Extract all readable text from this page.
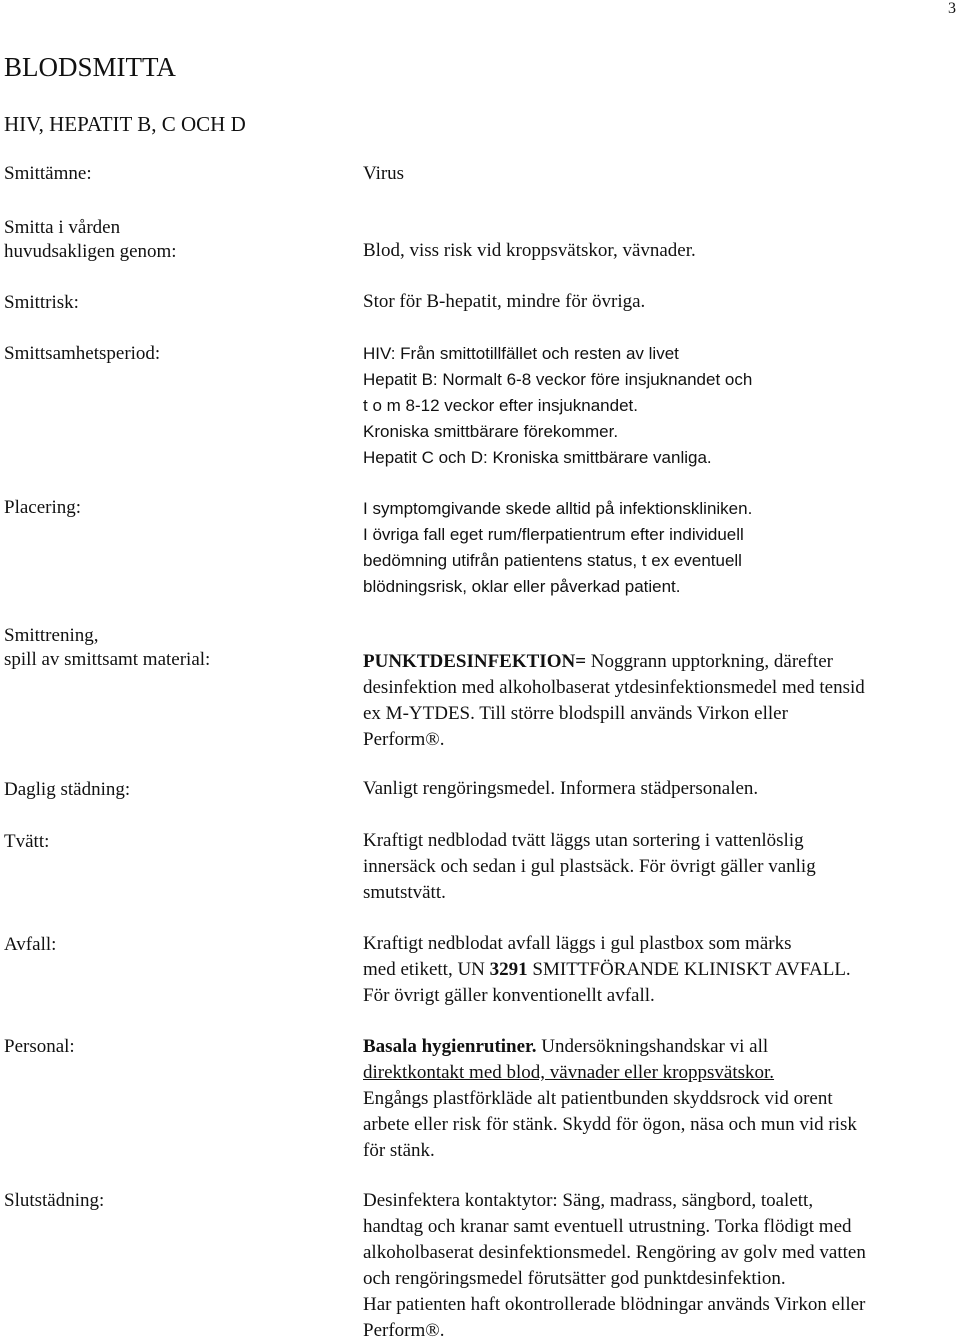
3
BLODSMITTA
HIV, HEPATIT B, C OCH D
Smittämne:	Virus
Smitta i vården
huvudsakligen genom:	Blod, viss risk vid kroppsvätskor, vävnader.
Smittrisk:	Stor för B-hepatit, mindre för övriga.
Smittsamhetsperiod:	HIV: Från smittotillfället och resten av livet
Hepatit B: Normalt 6-8 veckor före insjuknandet och
t o m 8-12 veckor efter insjuknandet.
Kroniska smittbärare förekommer.
Hepatit C och D: Kroniska smittbärare vanliga.
Placering:	I symptomgivande skede alltid på infektionskliniken.
I övriga fall eget rum/flerpatientrum efter individuell
bedömning utifrån patientens status, t ex eventuell
blödningsrisk, oklar eller påverkad patient.
Smittrening,
spill av smittsamt material:	PUNKTDESINFEKTION= Noggrann upptorkning, därefter
desinfektion med alkoholbaserat ytdesinfektionsmedel med tensid
ex M-YTDES. Till större blodspill används Virkon eller
Perform®.
Daglig städning:	Vanligt rengöringsmedel. Informera städpersonalen.
Tvätt:	Kraftigt nedblodad tvätt läggs utan sortering i vattenlöslig
innersäck och sedan i gul plastsäck. För övrigt gäller vanlig
smutstvätt.
Avfall:	Kraftigt nedblodat avfall läggs i gul plastbox som märks
med etikett, UN 3291 SMITTFÖRANDE KLINISKT AVFALL.
För övrigt gäller konventionellt avfall.
Personal:	Basala hygienrutiner. Undersökningshandskar vi all
direktkontakt med blod, vävnader eller kroppsvätskor.
Engångs plastförkläde alt patientbunden skyddsrock vid orent
arbete eller risk för stänk. Skydd för ögon, näsa och mun vid risk
för stänk.
Slutstädning:	Desinfektera kontaktytor: Säng, madrass, sängbord, toalett,
handtag och kranar samt eventuell utrustning. Torka flödigt med
alkoholbaserat desinfektionsmedel. Rengöring av golv med vatten
och rengöringsmedel förutsätter god punktdesinfektion.
Har patienten haft okontrollerade blödningar används Virkon eller
Perform®.
